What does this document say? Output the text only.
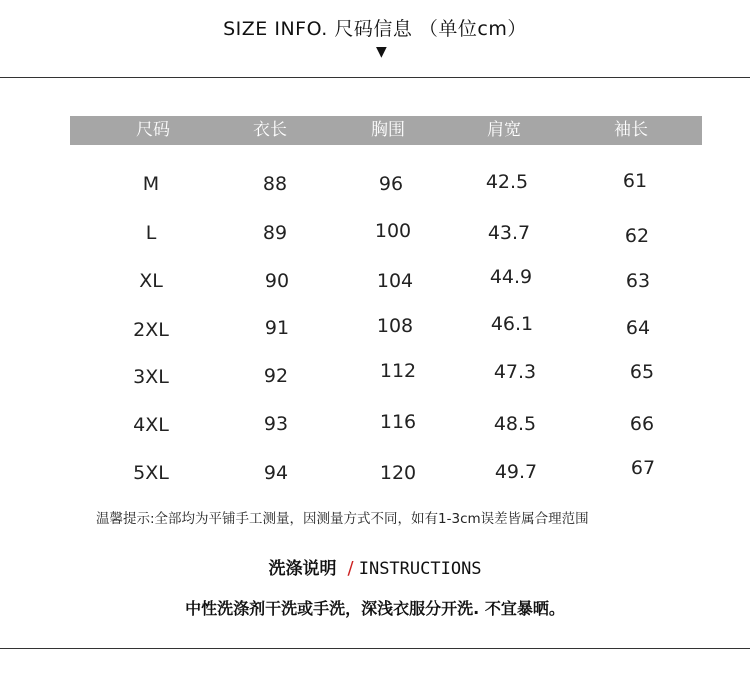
SIZE INFO. 尺码信息 （单位cm）
▼
尺码	衣长	胸围	肩宽	袖长
M	88	96	42.5	61
L	89	100	43.7	62
XL	90	104	44.9	63
2XL	91	108	46.1	64
3XL	92	112	47.3	65
4XL	93	116	48.5	66
5XL	94	120	49.7	67
温馨提示:全部均为平铺手工测量，因测量方式不同，如有1-3cm误差皆属合理范围
洗涤说明 / INSTRUCTIONS
中性洗涤剂干洗或手洗，深浅衣服分开洗. 不宜暴晒。
